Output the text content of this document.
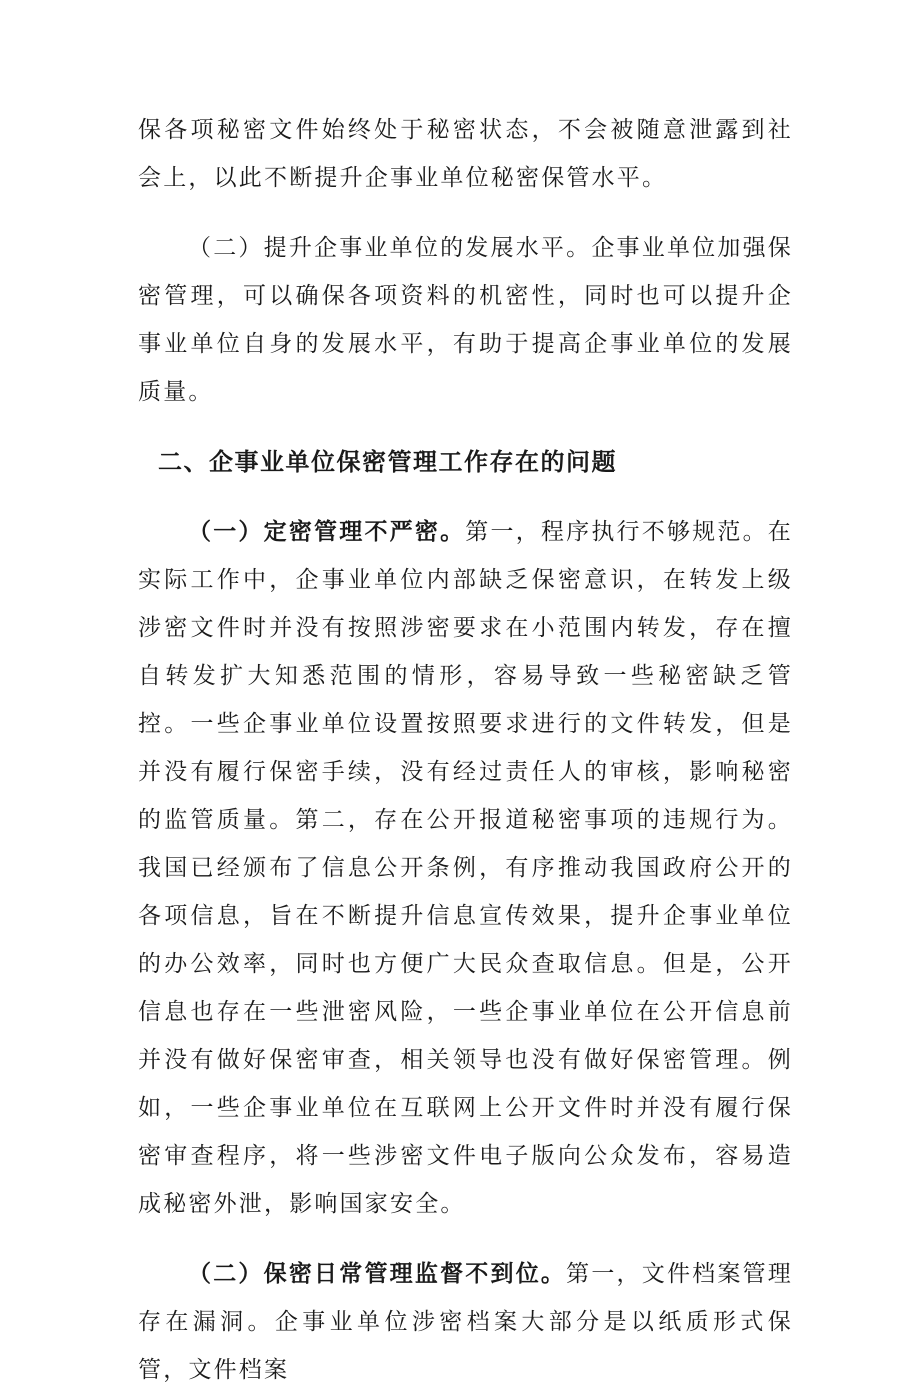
保各项秘密文件始终处于秘密状态，不会被随意泄露到社会上，以此不断提升企事业单位秘密保管水平。

（二）提升企事业单位的发展水平。企事业单位加强保密管理，可以确保各项资料的机密性，同时也可以提升企事业单位自身的发展水平，有助于提高企事业单位的发展质量。

二、企事业单位保密管理工作存在的问题

（一）定密管理不严密。第一，程序执行不够规范。在实际工作中，企事业单位内部缺乏保密意识，在转发上级涉密文件时并没有按照涉密要求在小范围内转发，存在擅自转发扩大知悉范围的情形，容易导致一些秘密缺乏管控。一些企事业单位设置按照要求进行的文件转发，但是并没有履行保密手续，没有经过责任人的审核，影响秘密的监管质量。第二，存在公开报道秘密事项的违规行为。我国已经颁布了信息公开条例，有序推动我国政府公开的各项信息，旨在不断提升信息宣传效果，提升企事业单位的办公效率，同时也方便广大民众查取信息。但是，公开信息也存在一些泄密风险，一些企事业单位在公开信息前并没有做好保密审查，相关领导也没有做好保密管理。例如，一些企事业单位在互联网上公开文件时并没有履行保密审查程序，将一些涉密文件电子版向公众发布，容易造成秘密外泄，影响国家安全。

（二）保密日常管理监督不到位。第一，文件档案管理存在漏洞。企事业单位涉密档案大部分是以纸质形式保管，文件档案
